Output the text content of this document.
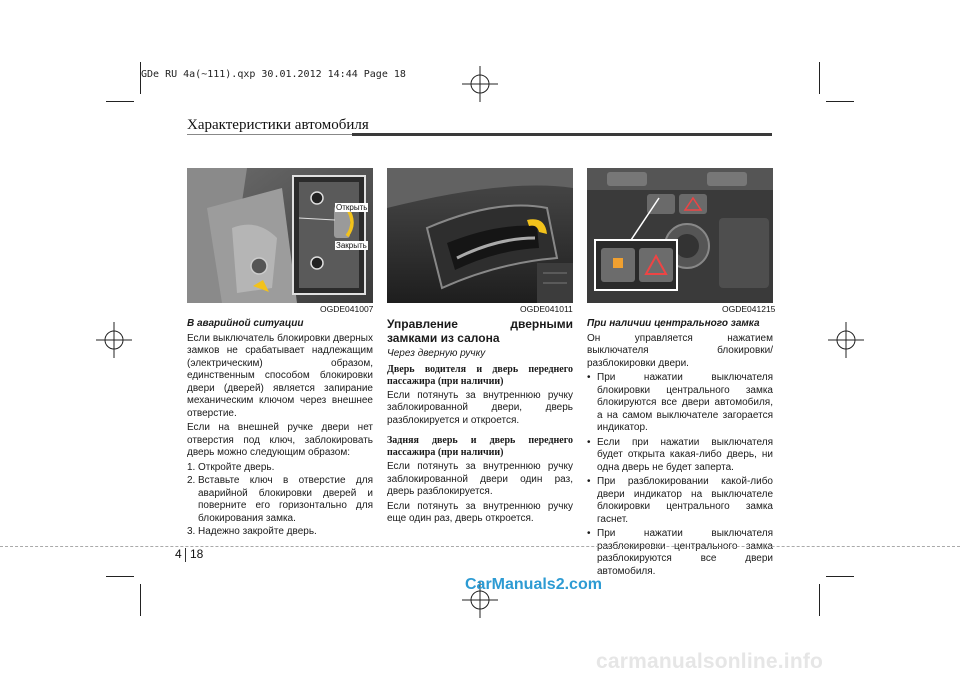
GDe RU 4a(~111).qxp 30.01.2012 14:44 Page 18
Характеристики автомобиля
Открыть
Закрыть
OGDE041007	OGDE041011	OGDE041215
В аварийной ситуации

Если выключатель блокировки дверных замков не срабатывает надлежащим (электрическим) образом, единственным способом блокировки двери (дверей) является запирание механическим ключом через внешнее отверстие.

Если на внешней ручке двери нет отверстия под ключ, заблокировать дверь можно следующим образом:

1. Откройте дверь.
2. Вставьте ключ в отверстие для аварийной блокировки дверей и поверните его горизонтально для блокирования замка.
3. Надежно закройте дверь.
Управление дверными замками из салона
Через дверную ручку
Дверь водителя и дверь переднего пассажира (при наличии)

Если потянуть за внутреннюю ручку заблокированной двери, дверь разблокируется и откроется.

Задняя дверь и дверь переднего пассажира (при наличии)

Если потянуть за внутреннюю ручку заблокированной двери один раз, дверь разблокируется.

Если потянуть за внутреннюю ручку еще один раз, дверь откроется.

При наличии центрального замка

Он управляется нажатием выключателя блокировки/разблокировки двери.

• При нажатии выключателя блокировки центрального замка блокируются все двери автомобиля, а на самом выключателе загорается индикатор.
• Если при нажатии выключателя будет открыта какая-либо дверь, ни одна дверь не будет заперта.
• При разблокировании какой-либо двери индикатор на выключателе блокировки центрального замка гаснет.
• При нажатии выключателя разблокировки центрального замка разблокируются все двери автомобиля.
4 18
CarManuals2.com
carmanualsonline.info
